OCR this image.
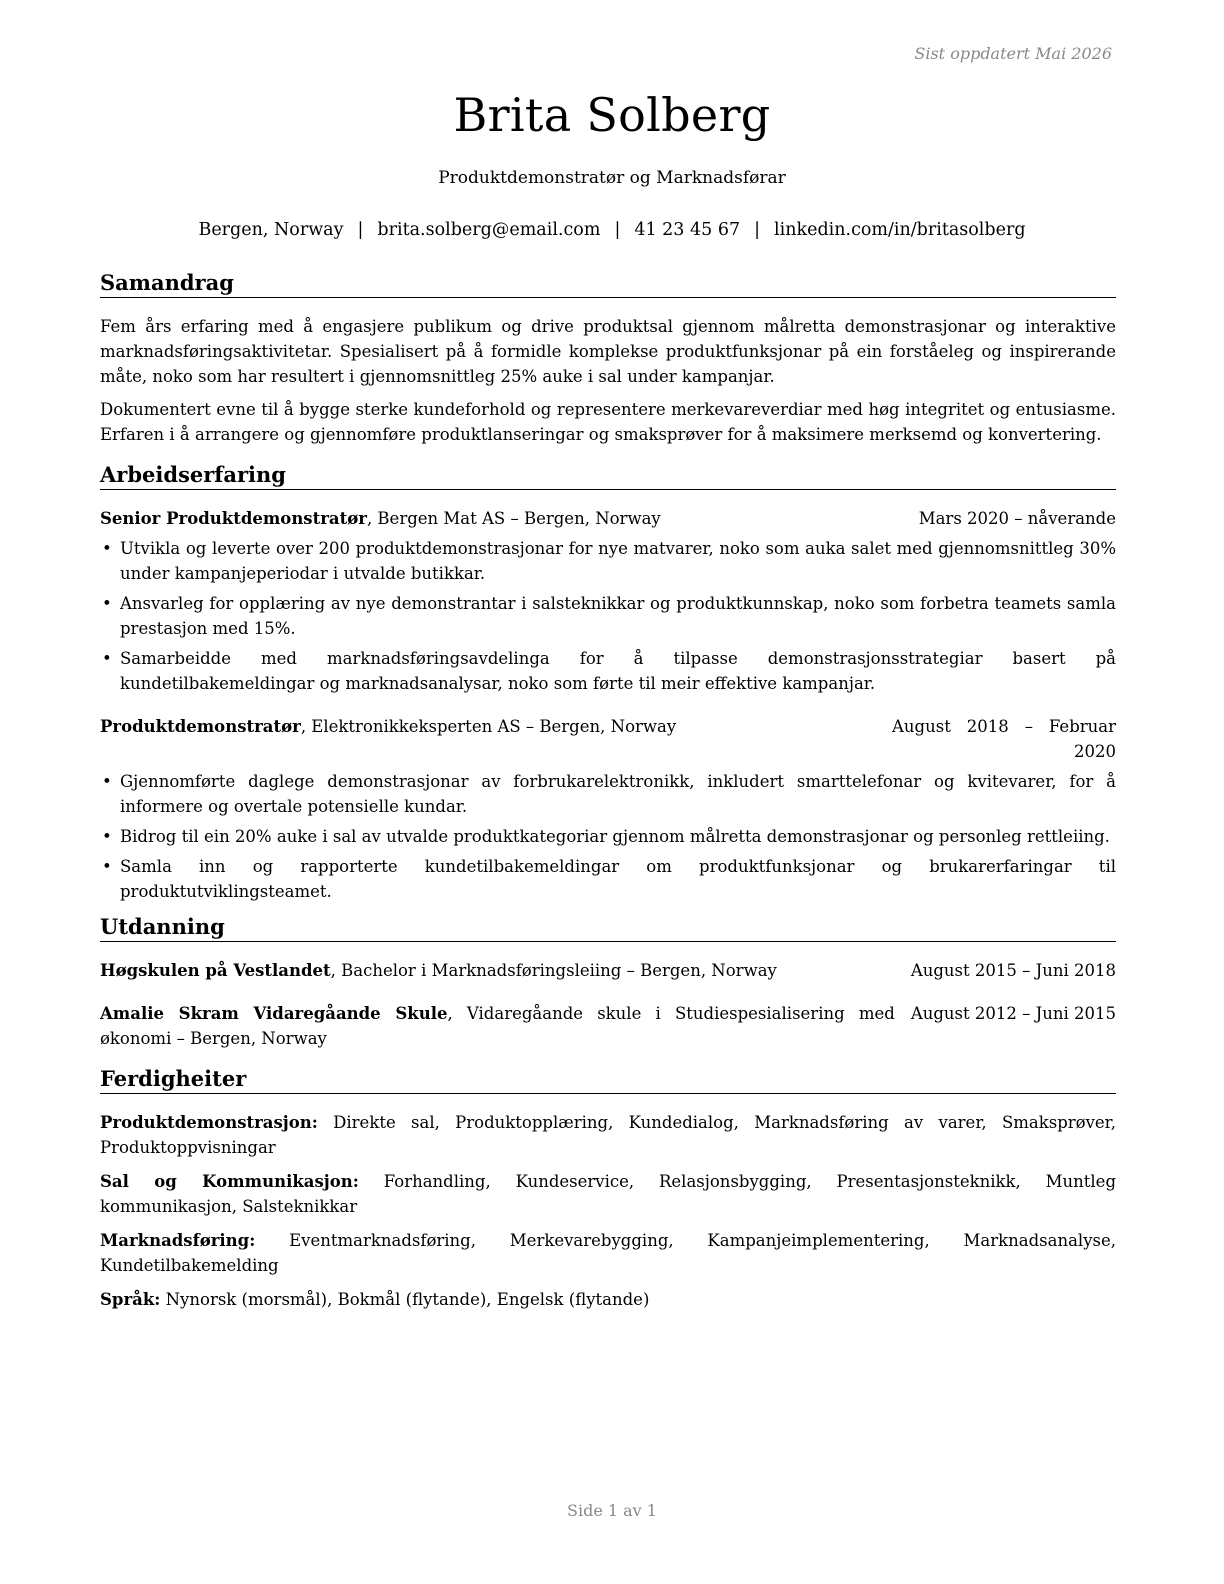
Sist oppdatert Mai 2026
Brita Solberg
Produktdemonstratør og Marknadsførar
Bergen, Norway | brita.solberg@email.com | 41 23 45 67 | linkedin.com/in/britasolberg
Samandrag

Fem års erfaring med å engasjere publikum og drive produktsal gjennom målretta demonstrasjonar og interaktive marknadsføringsaktivitetar. Spesialisert på å formidle komplekse produktfunksjonar på ein forståeleg og inspirerande måte, noko som har resultert i gjennomsnittleg 25% auke i sal under kampanjar.

Dokumentert evne til å bygge sterke kundeforhold og representere merkevareverdiar med høg integritet og entusiasme. Erfaren i å arrangere og gjennomføre produktlanseringar og smaksprøver for å maksimere merksemd og konvertering.

Arbeidserfaring
Senior Produktdemonstratør, Bergen Mat AS – Bergen, Norway	Mars 2020 – nåverande
• Utvikla og leverte over 200 produktdemonstrasjonar for nye matvarer, noko som auka salet med gjennomsnittleg 30% under kampanjeperiodar i utvalde butikkar.
• Ansvarleg for opplæring av nye demonstrantar i salsteknikkar og produktkunnskap, noko som forbetra teamets samla prestasjon med 15%.
• Samarbeidde med marknadsføringsavdelinga for å tilpasse demonstrasjonsstrategiar basert på kundetilbakemeldingar og marknadsanalysar, noko som førte til meir effektive kampanjar.
Produktdemonstratør, Elektronikkeksperten AS – Bergen, Norway	August 2018 – Februar 2020
• Gjennomførte daglege demonstrasjonar av forbrukarelektronikk, inkludert smarttelefonar og kvitevarer, for å informere og overtale potensielle kundar.
• Bidrog til ein 20% auke i sal av utvalde produktkategoriar gjennom målretta demonstrasjonar og personleg rettleiing.
• Samla inn og rapporterte kundetilbakemeldingar om produktfunksjonar og brukarerfaringar til produktutviklingsteamet.
Utdanning
Høgskulen på Vestlandet, Bachelor i Marknadsføringsleiing – Bergen, Norway	August 2015 – Juni 2018
Amalie Skram Vidaregåande Skule, Vidaregåande skule i Studiespesialisering med økonomi – Bergen, Norway
August 2012 – Juni 2015
Ferdigheiter

Produktdemonstrasjon: Direkte sal, Produktopplæring, Kundedialog, Marknadsføring av varer, Smaksprøver, Produktoppvisningar

Sal og Kommunikasjon: Forhandling, Kundeservice, Relasjonsbygging, Presentasjonsteknikk, Muntleg kommunikasjon, Salsteknikkar

Marknadsføring: Eventmarknadsføring, Merkevarebygging, Kampanjeimplementering, Marknadsanalyse, Kundetilbakemelding

Språk: Nynorsk (morsmål), Bokmål (flytande), Engelsk (flytande)

Side 1 av 1
